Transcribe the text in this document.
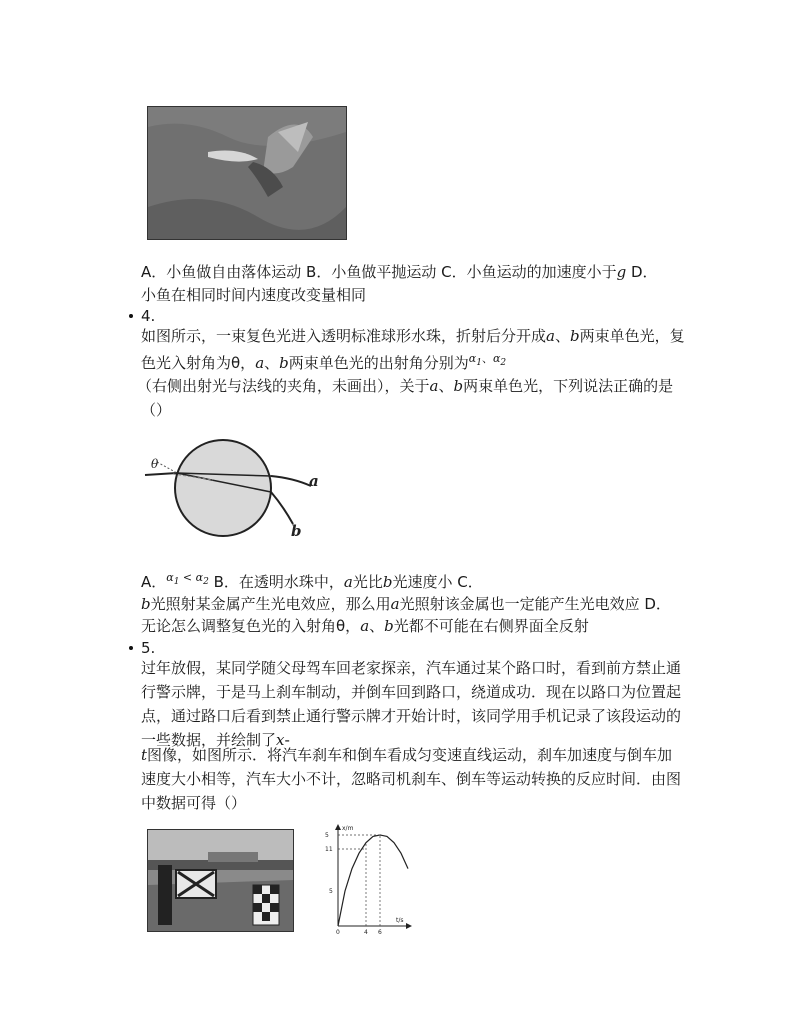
A．小鱼做自由落体运动 B．小鱼做平抛运动 C．小鱼运动的加速度小于g D．
小鱼在相同时间内速度改变量相同
4.
如图所示，一束复色光进入透明标准球形水珠，折射后分开成a、b两束单色光，复
色光入射角为θ，a、b两束单色光的出射角分别为$^{\alpha_1、\alpha_2}$
（右侧出射光与法线的夹角，未画出），关于a、b两束单色光，下列说法正确的是
（）
θ
a
b
A．$^{\alpha_1 < \alpha_2}$ B．在透明水珠中，a光比b光速度小 C．
b光照射某金属产生光电效应，那么用a光照射该金属也一定能产生光电效应 D．
无论怎么调整复色光的入射角θ，a、b光都不可能在右侧界面全反射
5.
过年放假，某同学随父母驾车回老家探亲，汽车通过某个路口时，看到前方禁止通
行警示牌，于是马上刹车制动，并倒车回到路口，绕道成功．现在以路口为位置起
点，通过路口后看到禁止通行警示牌才开始计时，该同学用手机记录了该段运动的
一些数据，并绘制了x-
t图像，如图所示．将汽车刹车和倒车看成匀变速直线运动，刹车加速度与倒车加
速度大小相等，汽车大小不计，忽略司机刹车、倒车等运动转换的反应时间．由图
中数据可得（）
x/m
t/s
11
5
5
0	4 6
